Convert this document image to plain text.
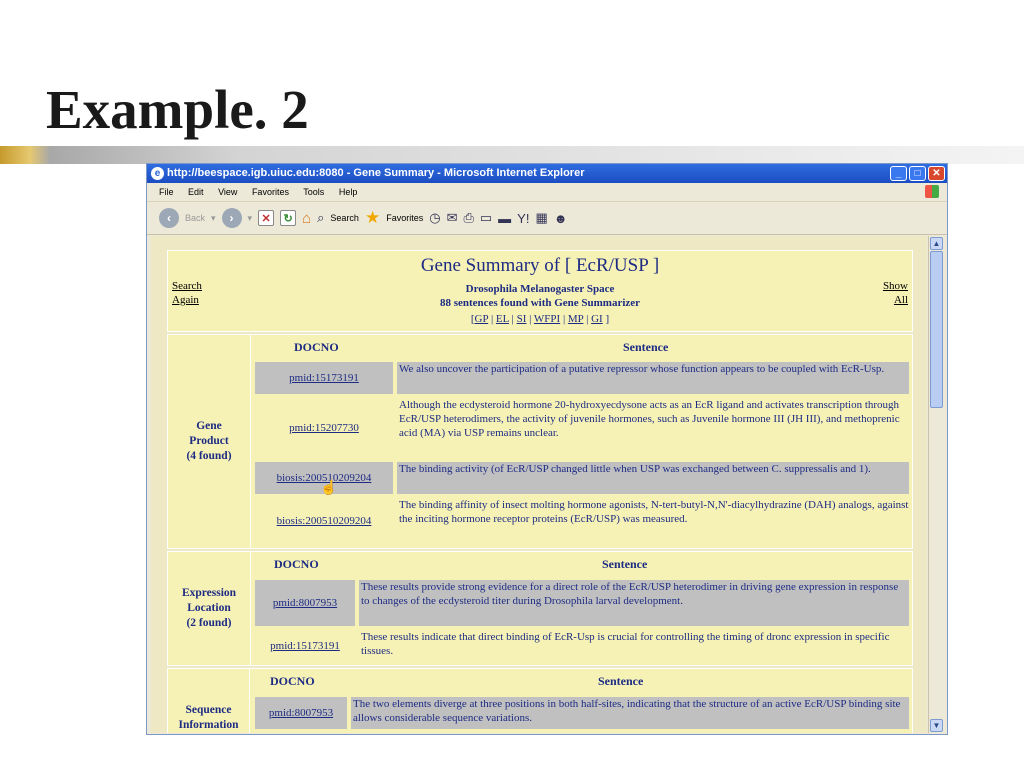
Example. 2
e http://beespace.igb.uiuc.edu:8080 - Gene Summary - Microsoft Internet Explorer	_	□	✕
File Edit View Favorites Tools Help
‹	Back ▾	›	▾ ✕	↻ ⌂ ⌕ Search ★ Favorites ◷ ✉ ⎙ ▭ ▬ Y! ▦ ☻
Search
Again
Show
All
Gene Summary of [ EcR/USP ]
Drosophila Melanogaster Space
88 sentences found with Gene Summarizer
[GP | EL | SI | WFPI | MP | GI ]
Gene
Product
(4 found)
DOCNO	Sentence
pmid:15173191
We also uncover the participation of a putative repressor whose function appears to be coupled with EcR-Usp.
pmid:15207730
Although the ecdysteroid hormone 20-hydroxyecdysone acts as an EcR ligand and activates transcription through EcR/USP heterodimers, the activity of juvenile hormones, such as Juvenile hormone III (JH III), and methoprenic acid (MA) via USP remains unclear.
biosis:200510209204
The binding activity (of EcR/USP changed little when USP was exchanged between C. suppressalis and 1).
biosis:200510209204
The binding affinity of insect molting hormone agonists, N-tert-butyl-N,N'-diacylhydrazine (DAH) analogs, against the inciting hormone receptor proteins (EcR/USP) was measured.
☝
Expression
Location
(2 found)
DOCNO	Sentence
pmid:8007953
These results provide strong evidence for a direct role of the EcR/USP heterodimer in driving gene expression in response to changes of the ecdysteroid titer during Drosophila larval development.
pmid:15173191
These results indicate that direct binding of EcR-Usp is crucial for controlling the timing of dronc expression in specific tissues.
Sequence
Information
DOCNO	Sentence
pmid:8007953
The two elements diverge at three positions in both half-sites, indicating that the structure of an active EcR/USP binding site allows considerable sequence variations.
▲
▼
